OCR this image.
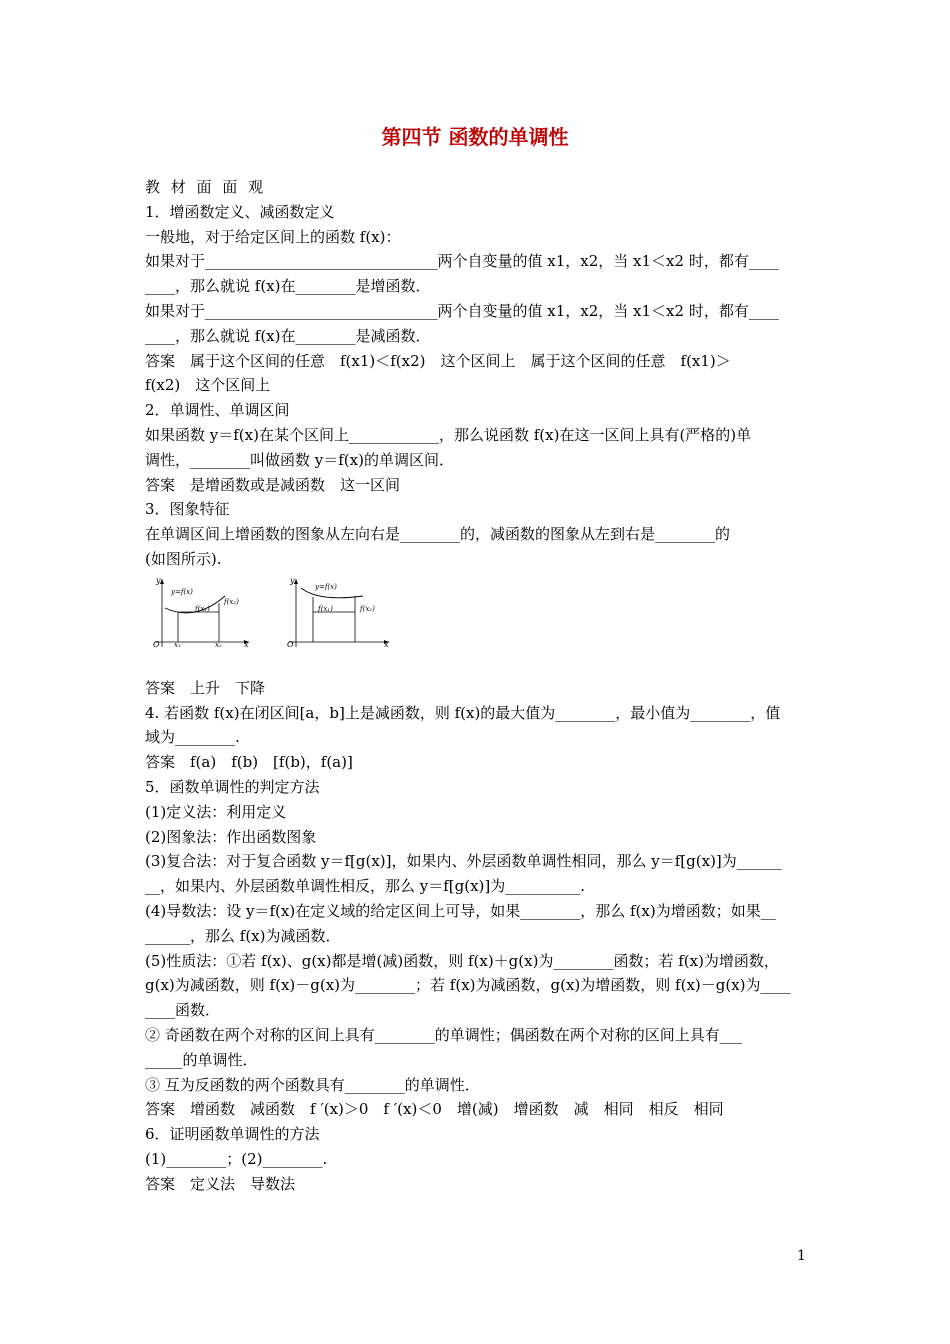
第四节 函数的单调性
教 材 面 面 观
1．增函数定义、减函数定义
一般地，对于给定区间上的函数 f(x)：
如果对于_______________________________两个自变量的值 x1，x2，当 x1＜x2 时，都有____
____，那么就说 f(x)在________是增函数．
如果对于_______________________________两个自变量的值 x1，x2，当 x1＜x2 时，都有____
____，那么就说 f(x)在________是减函数．
答案　属于这个区间的任意　f(x1)＜f(x2)　这个区间上　属于这个区间的任意　f(x1)＞
f(x2)　这个区间上
2．单调性、单调区间
如果函数 y＝f(x)在某个区间上____________，那么说函数 f(x)在这一区间上具有(严格的)单
调性，________叫做函数 y＝f(x)的单调区间．
答案　是增函数或是减函数　这一区间
3．图象特征
在单调区间上增函数的图象从左向右是________的，减函数的图象从左到右是________的
(如图所示).
y
O	x
x₁	x₂
y=f(x)
f(x₁)
f(x₂)
y
O	x
y=f(x)
f(x₁)	f(x₂)
答案　上升　下降
4. 若函数 f(x)在闭区间[a，b]上是减函数，则 f(x)的最大值为________，最小值为________，值
域为________.
答案　f(a)　f(b)　[f(b)，f(a)]
5．函数单调性的判定方法
(1)定义法：利用定义
(2)图象法：作出函数图象
(3)复合法：对于复合函数 y＝f[g(x)]，如果内、外层函数单调性相同，那么 y＝f[g(x)]为______
__，如果内、外层函数单调性相反，那么 y＝f[g(x)]为__________.
(4)导数法：设 y＝f(x)在定义域的给定区间上可导，如果________，那么 f(x)为增函数；如果__
______，那么 f(x)为减函数．
(5)性质法：①若 f(x)、g(x)都是增(减)函数，则 f(x)＋g(x)为________函数；若 f(x)为增函数，
g(x)为减函数，则 f(x)－g(x)为________；若 f(x)为减函数，g(x)为增函数，则 f(x)－g(x)为____
____函数．
② 奇函数在两个对称的区间上具有________的单调性；偶函数在两个对称的区间上具有___
_____的单调性．
③ 互为反函数的两个函数具有________的单调性．
答案　增函数　减函数　f ′(x)＞0　f ′(x)＜0　增(减)　增函数　减　相同　相反　相同
6．证明函数单调性的方法
(1)________；(2)________.
答案　定义法　导数法
1
